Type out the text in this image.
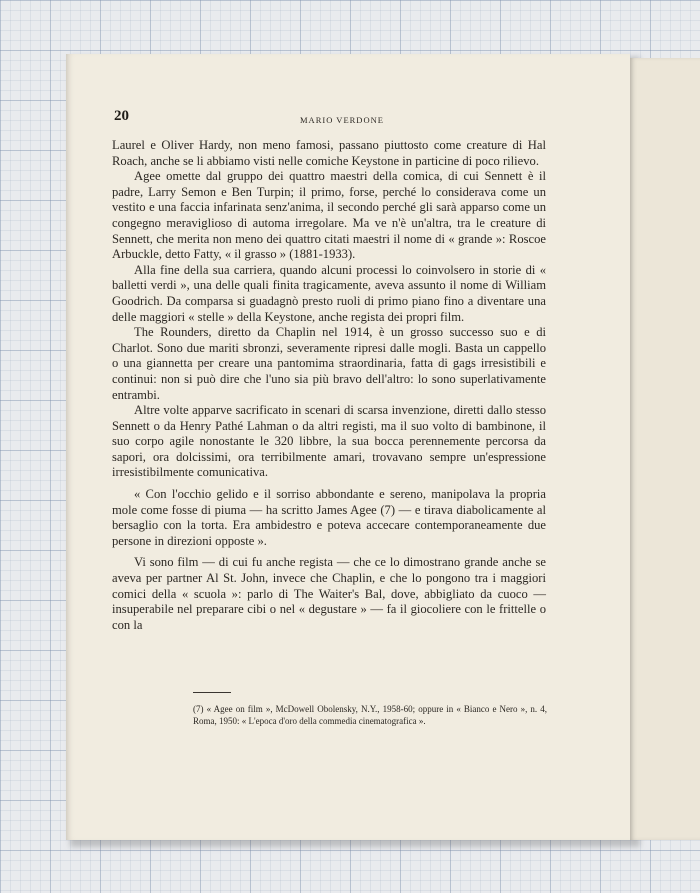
20	MARIO VERDONE

Laurel e Oliver Hardy, non meno famosi, passano piuttosto come creature di Hal Roach, anche se li abbiamo visti nelle comiche Keystone in particine di poco rilievo.

Agee omette dal gruppo dei quattro maestri della comica, di cui Sennett è il padre, Larry Semon e Ben Turpin; il primo, forse, perché lo considerava come un vestito e una faccia infarinata senz'anima, il secondo perché gli sarà apparso come un congegno meraviglioso di automa irregolare. Ma ve n'è un'altra, tra le creature di Sennett, che merita non meno dei quattro citati maestri il nome di « grande »: Roscoe Arbuckle, detto Fatty, « il grasso » (1881-1933).

Alla fine della sua carriera, quando alcuni processi lo coinvolsero in storie di « balletti verdi », una delle quali finita tragicamente, aveva assunto il nome di William Goodrich. Da comparsa si guadagnò presto ruoli di primo piano fino a diventare una delle maggiori « stelle » della Keystone, anche regista dei propri film.

The Rounders, diretto da Chaplin nel 1914, è un grosso successo suo e di Charlot. Sono due mariti sbronzi, severamente ripresi dalle mogli. Basta un cappello o una giannetta per creare una pantomima straordinaria, fatta di gags irresistibili e continui: non si può dire che l'uno sia più bravo dell'altro: lo sono superlativamente entrambi.

Altre volte apparve sacrificato in scenari di scarsa invenzione, diretti dallo stesso Sennett o da Henry Pathé Lahman o da altri registi, ma il suo volto di bambinone, il suo corpo agile nonostante le 320 libbre, la sua bocca perennemente percorsa da sapori, ora dolcissimi, ora terribilmente amari, trovavano sempre un'espressione irresistibilmente comunicativa.

« Con l'occhio gelido e il sorriso abbondante e sereno, manipolava la propria mole come fosse di piuma — ha scritto James Agee (7) — e tirava diabolicamente al bersaglio con la torta. Era ambidestro e poteva accecare contemporaneamente due persone in direzioni opposte ».

Vi sono film — di cui fu anche regista — che ce lo dimostrano grande anche se aveva per partner Al St. John, invece che Chaplin, e che lo pongono tra i maggiori comici della « scuola »: parlo di The Waiter's Bal, dove, abbigliato da cuoco — insuperabile nel preparare cibi o nel « degustare » — fa il giocoliere con le frittelle o con la

(7) « Agee on film », McDowell Obolensky, N.Y., 1958-60; oppure in « Bianco e Nero », n. 4, Roma, 1950: « L'epoca d'oro della commedia cinematografica ».
